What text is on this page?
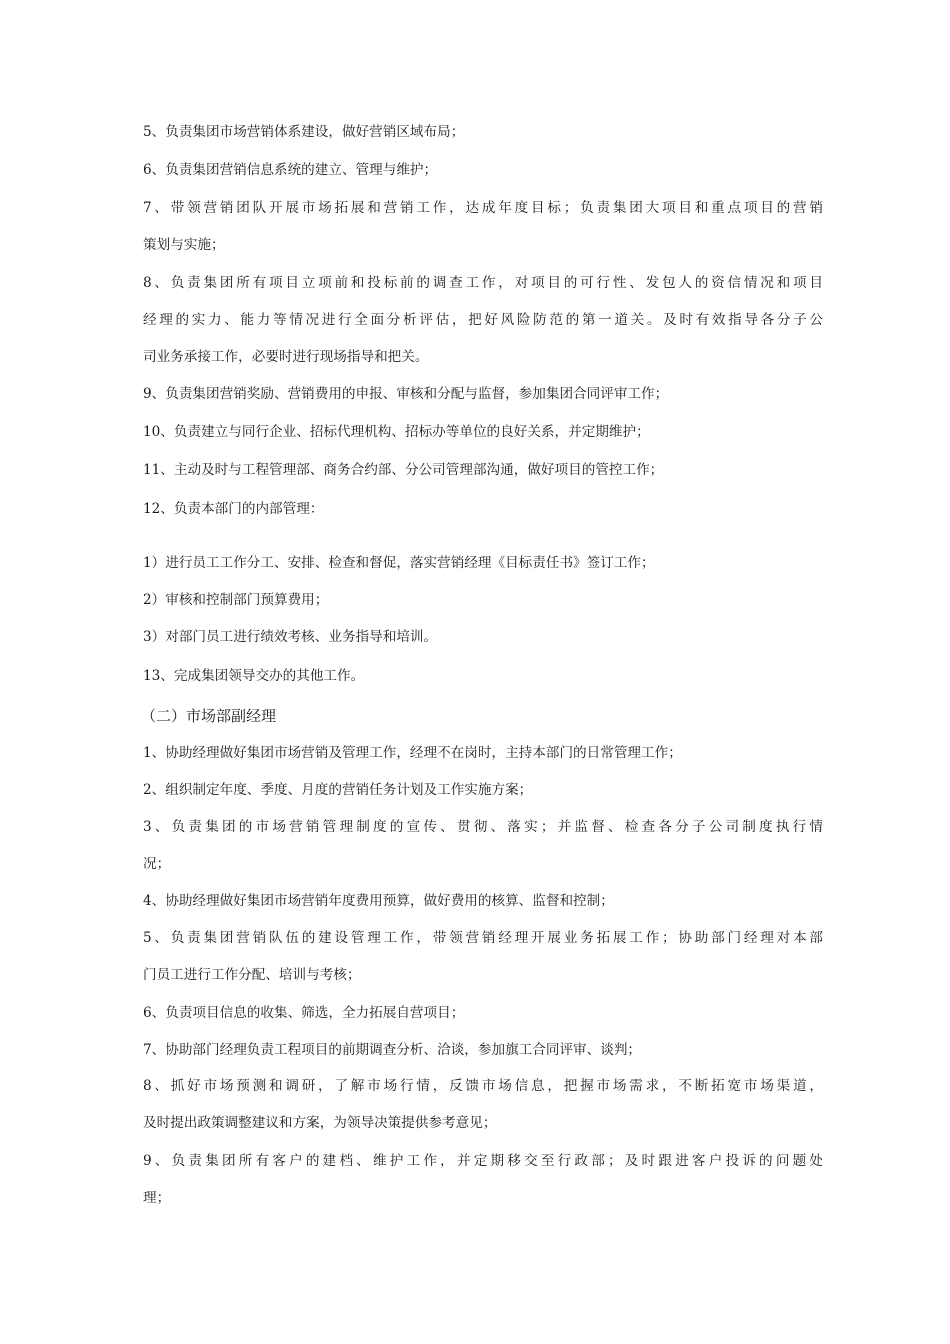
5、负责集团市场营销体系建设，做好营销区域布局；
6、负责集团营销信息系统的建立、管理与维护；
7、带领营销团队开展市场拓展和营销工作，达成年度目标；负责集团大项目和重点项目的营销
策划与实施；
8、负责集团所有项目立项前和投标前的调查工作，对项目的可行性、发包人的资信情况和项目
经理的实力、能力等情况进行全面分析评估，把好风险防范的第一道关。及时有效指导各分子公
司业务承接工作，必要时进行现场指导和把关。
9、负责集团营销奖励、营销费用的申报、审核和分配与监督，参加集团合同评审工作；
10、负责建立与同行企业、招标代理机构、招标办等单位的良好关系，并定期维护；
11、主动及时与工程管理部、商务合约部、分公司管理部沟通，做好项目的管控工作；
12、负责本部门的内部管理：
1）进行员工工作分工、安排、检查和督促，落实营销经理《目标责任书》签订工作；
2）审核和控制部门预算费用；
3）对部门员工进行绩效考核、业务指导和培训。
13、完成集团领导交办的其他工作。
（二）市场部副经理
1、协助经理做好集团市场营销及管理工作，经理不在岗时，主持本部门的日常管理工作；
2、组织制定年度、季度、月度的营销任务计划及工作实施方案；
3、负责集团的市场营销管理制度的宣传、贯彻、落实；并监督、检查各分子公司制度执行情
况；
4、协助经理做好集团市场营销年度费用预算，做好费用的核算、监督和控制；
5、负责集团营销队伍的建设管理工作，带领营销经理开展业务拓展工作；协助部门经理对本部
门员工进行工作分配、培训与考核；
6、负责项目信息的收集、筛选，全力拓展自营项目；
7、协助部门经理负责工程项目的前期调查分析、洽谈，参加旗工合同评审、谈判；
8、抓好市场预测和调研，了解市场行情，反馈市场信息，把握市场需求，不断拓宽市场渠道，
及时提出政策调整建议和方案，为领导决策提供参考意见；
9、负责集团所有客户的建档、维护工作，并定期移交至行政部；及时跟进客户投诉的问题处
理；
